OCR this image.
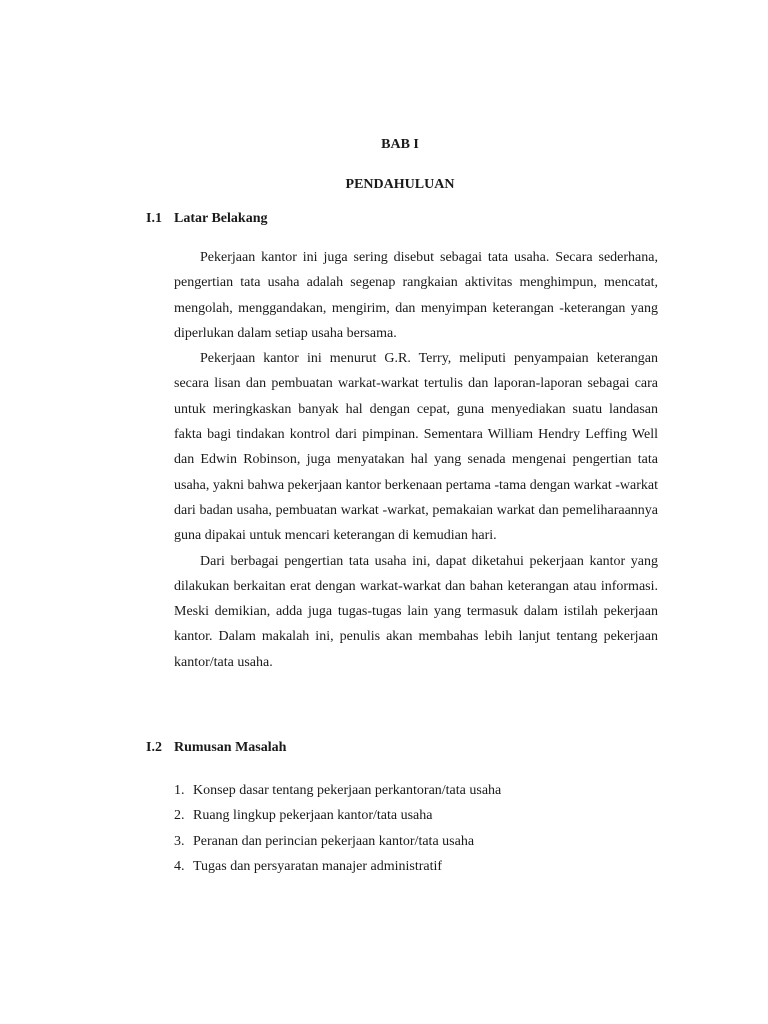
BAB I
PENDAHULUAN
I.1 Latar Belakang

Pekerjaan kantor ini juga sering disebut sebagai tata usaha. Secara sederhana, pengertian tata usaha adalah segenap rangkaian aktivitas menghimpun, mencatat, mengolah, menggandakan, mengirim, dan menyimpan keterangan -keterangan yang diperlukan dalam setiap usaha bersama.

Pekerjaan kantor ini menurut G.R. Terry, meliputi penyampaian keterangan secara lisan dan pembuatan warkat-warkat tertulis dan laporan-laporan sebagai cara untuk meringkaskan banyak hal dengan cepat, guna menyediakan suatu landasan fakta bagi tindakan kontrol dari pimpinan. Sementara William Hendry Leffing Well dan Edwin Robinson, juga menyatakan hal yang senada mengenai pengertian tata usaha, yakni bahwa pekerjaan kantor berkenaan pertama -tama dengan warkat -warkat dari badan usaha, pembuatan warkat -warkat, pemakaian warkat dan pemeliharaannya guna dipakai untuk mencari keterangan di kemudian hari.

Dari berbagai pengertian tata usaha ini, dapat diketahui pekerjaan kantor yang dilakukan berkaitan erat dengan warkat-warkat dan bahan keterangan atau informasi. Meski demikian, adda juga tugas-tugas lain yang termasuk dalam istilah pekerjaan kantor. Dalam makalah ini, penulis akan membahas lebih lanjut tentang pekerjaan kantor/tata usaha.

I.2 Rumusan Masalah
1. Konsep dasar tentang pekerjaan perkantoran/tata usaha
2. Ruang lingkup pekerjaan kantor/tata usaha
3. Peranan dan perincian pekerjaan kantor/tata usaha
4. Tugas dan persyaratan manajer administratif
